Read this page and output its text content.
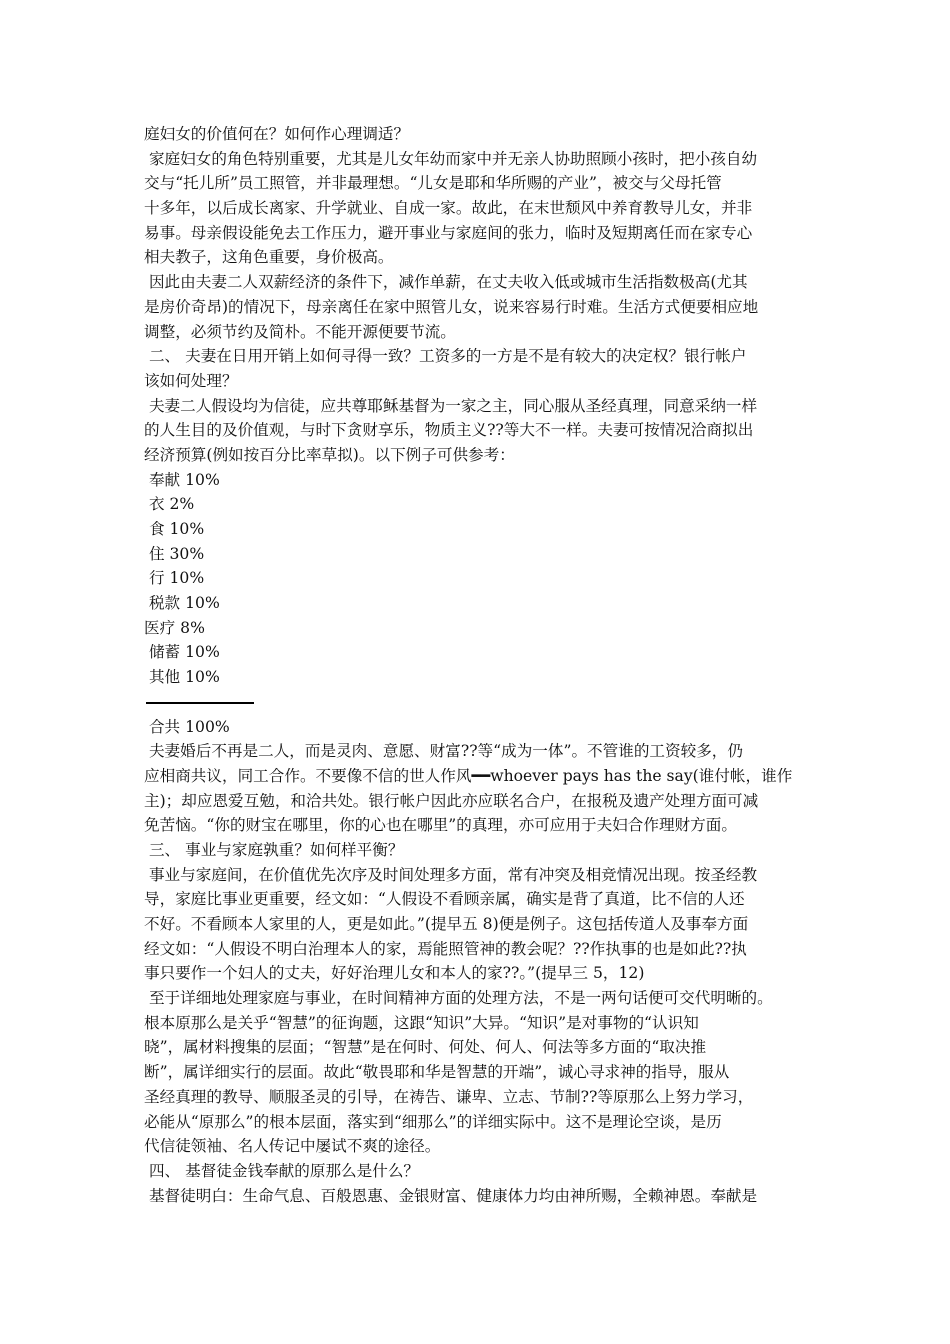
庭妇女的价值何在？如何作心理调适？
家庭妇女的角色特别重要，尤其是儿女年幼而家中并无亲人协助照顾小孩时，把小孩自幼
交与“托儿所”员工照管，并非最理想。“儿女是耶和华所赐的产业”，被交与父母托管
十多年，以后成长离家、升学就业、自成一家。故此，在末世颓风中养育教导儿女，并非
易事。母亲假设能免去工作压力，避开事业与家庭间的张力，临时及短期离任而在家专心
相夫教子，这角色重要，身价极高。
因此由夫妻二人双薪经济的条件下，减作单薪，在丈夫收入低或城市生活指数极高(尤其
是房价奇昂)的情况下，母亲离任在家中照管儿女，说来容易行时难。生活方式便要相应地
调整，必须节约及简朴。不能开源便要节流。
二、 夫妻在日用开销上如何寻得一致？工资多的一方是不是有较大的决定权？银行帐户
该如何处理？
夫妻二人假设均为信徒，应共尊耶稣基督为一家之主，同心服从圣经真理，同意采纳一样
的人生目的及价值观，与时下贪财享乐，物质主义??等大不一样。夫妻可按情况洽商拟出
经济预算(例如按百分比率草拟)。以下例子可供参考：
奉献 10%
衣 2%
食 10%
住 30%
行 10%
税款 10%
医疗 8%
储蓄 10%
其他 10%
合共 100%
夫妻婚后不再是二人，而是灵肉、意愿、财富??等“成为一体”。不管谁的工资较多，仍
应相商共议，同工合作。不要像不信的世人作风━━whoever pays has the say(谁付帐，谁作
主)；却应恩爱互勉，和洽共处。银行帐户因此亦应联名合户，在报税及遗产处理方面可减
免苦恼。“你的财宝在哪里，你的心也在哪里”的真理，亦可应用于夫妇合作理财方面。
三、 事业与家庭孰重？如何样平衡？
事业与家庭间，在价值优先次序及时间处理多方面，常有冲突及相竞情况出现。按圣经教
导，家庭比事业更重要，经文如：“人假设不看顾亲属，确实是背了真道，比不信的人还
不好。不看顾本人家里的人，更是如此。”(提早五 8)便是例子。这包括传道人及事奉方面
经文如：“人假设不明白治理本人的家，焉能照管神的教会呢？??作执事的也是如此??执
事只要作一个妇人的丈夫，好好治理儿女和本人的家??。”(提早三 5，12)
至于详细地处理家庭与事业，在时间精神方面的处理方法，不是一两句话便可交代明晰的。
根本原那么是关乎“智慧”的征询题，这跟“知识”大异。“知识”是对事物的“认识知
晓”，属材料搜集的层面；“智慧”是在何时、何处、何人、何法等多方面的“取决推
断”，属详细实行的层面。故此“敬畏耶和华是智慧的开端”，诚心寻求神的指导，服从
圣经真理的教导、顺服圣灵的引导，在祷告、谦卑、立志、节制??等原那么上努力学习，
必能从“原那么”的根本层面，落实到“细那么”的详细实际中。这不是理论空谈，是历
代信徒领袖、名人传记中屡试不爽的途径。
四、 基督徒金钱奉献的原那么是什么？
基督徒明白：生命气息、百般恩惠、金银财富、健康体力均由神所赐，全赖神恩。奉献是
